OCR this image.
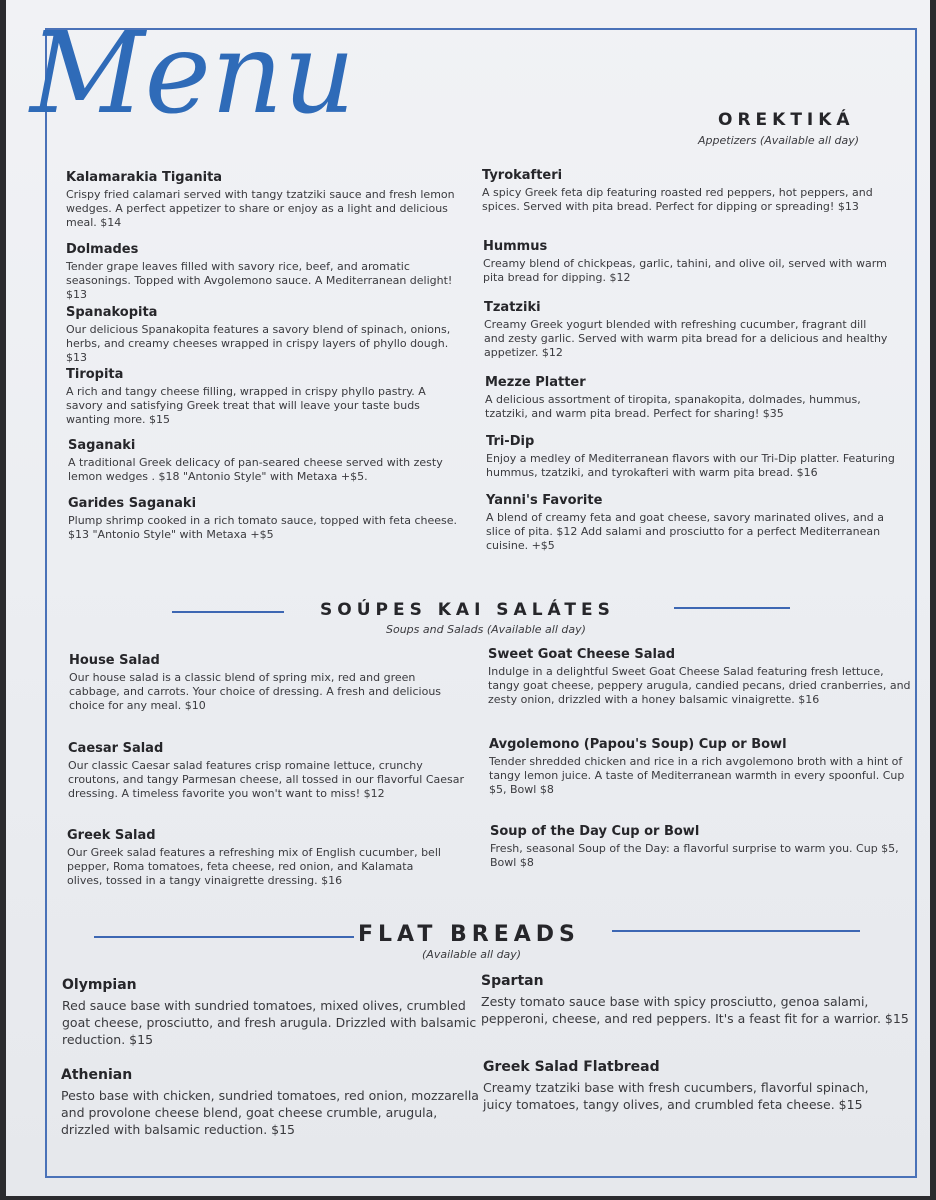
Menu	OREKTIKÁ
Appetizers (Available all day)
Kalamarakia Tiganita
Crispy fried calamari served with tangy tzatziki sauce and fresh lemon wedges. A perfect appetizer to share or enjoy as a light and delicious meal. $14
Dolmades
Tender grape leaves filled with savory rice, beef, and aromatic seasonings. Topped with Avgolemono sauce. A Mediterranean delight! $13
Spanakopita
Our delicious Spanakopita features a savory blend of spinach, onions, herbs, and creamy cheeses wrapped in crispy layers of phyllo dough. $13
Tiropita
A rich and tangy cheese filling, wrapped in crispy phyllo pastry. A savory and satisfying Greek treat that will leave your taste buds wanting more. $15
Saganaki
A traditional Greek delicacy of pan-seared cheese served with zesty lemon wedges . $18 "Antonio Style" with Metaxa +$5.
Garides Saganaki
Plump shrimp cooked in a rich tomato sauce, topped with feta cheese. $13 "Antonio Style" with Metaxa +$5
Tyrokafteri
A spicy Greek feta dip featuring roasted red peppers, hot peppers, and spices. Served with pita bread. Perfect for dipping or spreading! $13
Hummus
Creamy blend of chickpeas, garlic, tahini, and olive oil, served with warm pita bread for dipping. $12
Tzatziki
Creamy Greek yogurt blended with refreshing cucumber, fragrant dill and zesty garlic. Served with warm pita bread for a delicious and healthy appetizer. $12
Mezze Platter
A delicious assortment of tiropita, spanakopita, dolmades, hummus, tzatziki, and warm pita bread. Perfect for sharing! $35
Tri-Dip
Enjoy a medley of Mediterranean flavors with our Tri-Dip platter. Featuring hummus, tzatziki, and tyrokafteri with warm pita bread. $16
Yanni's Favorite
A blend of creamy feta and goat cheese, savory marinated olives, and a slice of pita. $12 Add salami and prosciutto for a perfect Mediterranean cuisine. +$5
SOÚPES KAI SALÁTES
Soups and Salads (Available all day)
House Salad
Our house salad is a classic blend of spring mix, red and green cabbage, and carrots. Your choice of dressing. A fresh and delicious choice for any meal. $10
Caesar Salad
Our classic Caesar salad features crisp romaine lettuce, crunchy croutons, and tangy Parmesan cheese, all tossed in our flavorful Caesar dressing. A timeless favorite you won't want to miss! $12
Greek Salad
Our Greek salad features a refreshing mix of English cucumber, bell pepper, Roma tomatoes, feta cheese, red onion, and Kalamata olives, tossed in a tangy vinaigrette dressing. $16
Sweet Goat Cheese Salad
Indulge in a delightful Sweet Goat Cheese Salad featuring fresh lettuce, tangy goat cheese, peppery arugula, candied pecans, dried cranberries, and zesty onion, drizzled with a honey balsamic vinaigrette. $16
Avgolemono (Papou's Soup) Cup or Bowl
Tender shredded chicken and rice in a rich avgolemono broth with a hint of tangy lemon juice. A taste of Mediterranean warmth in every spoonful. Cup $5, Bowl $8
Soup of the Day Cup or Bowl
Fresh, seasonal Soup of the Day: a flavorful surprise to warm you. Cup $5, Bowl $8
FLAT BREADS
(Available all day)
Olympian
Red sauce base with sundried tomatoes, mixed olives, crumbled goat cheese, prosciutto, and fresh arugula. Drizzled with balsamic reduction. $15
Athenian
Pesto base with chicken, sundried tomatoes, red onion, mozzarella and provolone cheese blend, goat cheese crumble, arugula, drizzled with balsamic reduction. $15
Spartan
Zesty tomato sauce base with spicy prosciutto, genoa salami, pepperoni, cheese, and red peppers. It's a feast fit for a warrior. $15
Greek Salad Flatbread
Creamy tzatziki base with fresh cucumbers, flavorful spinach, juicy tomatoes, tangy olives, and crumbled feta cheese. $15
